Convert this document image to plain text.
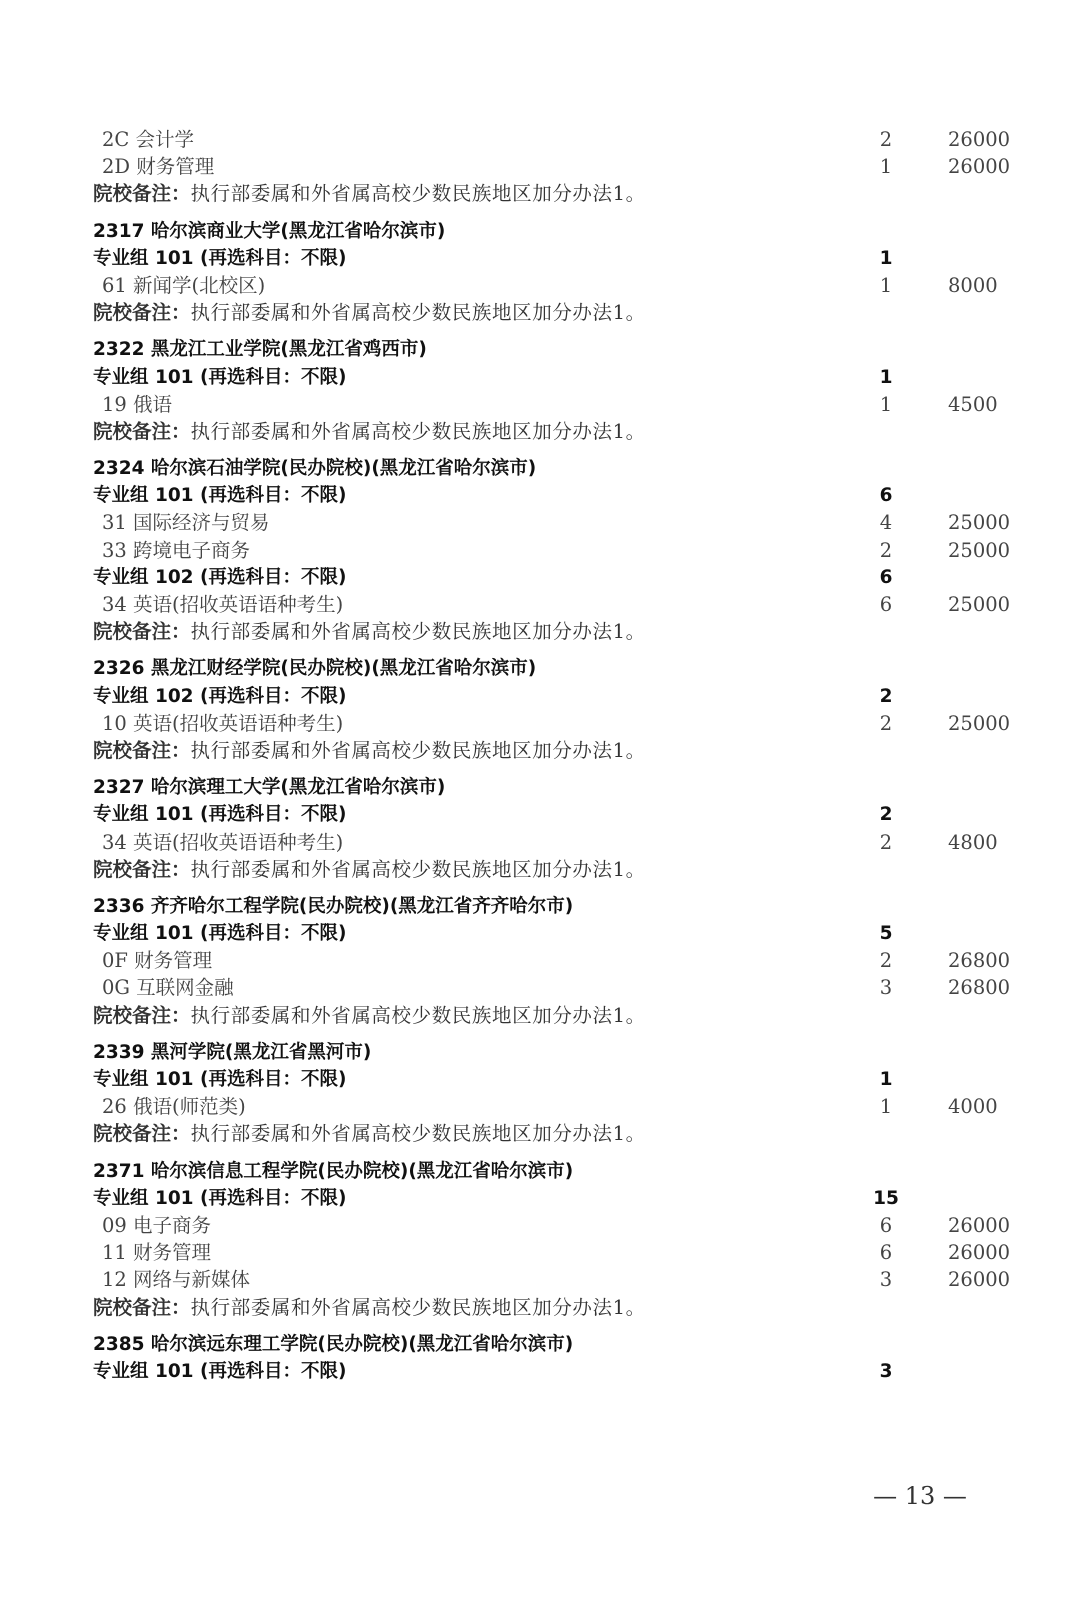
2C 会计学	2	26000
2D 财务管理	1	26000
院校备注：执行部委属和外省属高校少数民族地区加分办法1。
2317 哈尔滨商业大学(黑龙江省哈尔滨市)
专业组 101 (再选科目：不限)	1
61 新闻学(北校区)	1	8000
院校备注：执行部委属和外省属高校少数民族地区加分办法1。
2322 黑龙江工业学院(黑龙江省鸡西市)
专业组 101 (再选科目：不限)	1
19 俄语	1	4500
院校备注：执行部委属和外省属高校少数民族地区加分办法1。
2324 哈尔滨石油学院(民办院校)(黑龙江省哈尔滨市)
专业组 101 (再选科目：不限)	6
31 国际经济与贸易	4	25000
33 跨境电子商务	2	25000
专业组 102 (再选科目：不限)	6
34 英语(招收英语语种考生)	6	25000
院校备注：执行部委属和外省属高校少数民族地区加分办法1。
2326 黑龙江财经学院(民办院校)(黑龙江省哈尔滨市)
专业组 102 (再选科目：不限)	2
10 英语(招收英语语种考生)	2	25000
院校备注：执行部委属和外省属高校少数民族地区加分办法1。
2327 哈尔滨理工大学(黑龙江省哈尔滨市)
专业组 101 (再选科目：不限)	2
34 英语(招收英语语种考生)	2	4800
院校备注：执行部委属和外省属高校少数民族地区加分办法1。
2336 齐齐哈尔工程学院(民办院校)(黑龙江省齐齐哈尔市)
专业组 101 (再选科目：不限)	5
0F 财务管理	2	26800
0G 互联网金融	3	26800
院校备注：执行部委属和外省属高校少数民族地区加分办法1。
2339 黑河学院(黑龙江省黑河市)
专业组 101 (再选科目：不限)	1
26 俄语(师范类)	1	4000
院校备注：执行部委属和外省属高校少数民族地区加分办法1。
2371 哈尔滨信息工程学院(民办院校)(黑龙江省哈尔滨市)
专业组 101 (再选科目：不限)	15
09 电子商务	6	26000
11 财务管理	6	26000
12 网络与新媒体	3	26000
院校备注：执行部委属和外省属高校少数民族地区加分办法1。
2385 哈尔滨远东理工学院(民办院校)(黑龙江省哈尔滨市)
专业组 101 (再选科目：不限)	3
— 13 —
